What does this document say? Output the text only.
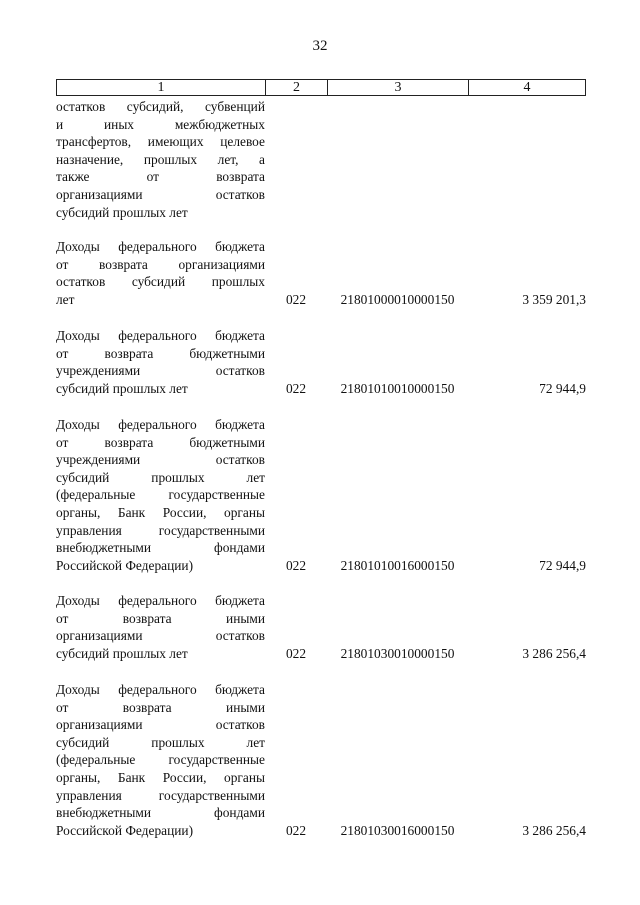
32
1	2	3	4
остатков субсидий, субвенций
и иных межбюджетных
трансфертов, имеющих целевое
назначение, прошлых лет, а
также от возврата
организациями остатков
субсидий прошлых лет
Доходы федерального бюджета
от возврата организациями
остатков субсидий прошлых
лет	022	21801000010000150	3 359 201,3
Доходы федерального бюджета
от возврата бюджетными
учреждениями остатков
субсидий прошлых лет	022	21801010010000150	72 944,9
Доходы федерального бюджета
от возврата бюджетными
учреждениями остатков
субсидий прошлых лет
(федеральные государственные
органы, Банк России, органы
управления государственными
внебюджетными фондами
Российской Федерации)	022	21801010016000150	72 944,9
Доходы федерального бюджета
от возврата иными
организациями остатков
субсидий прошлых лет	022	21801030010000150	3 286 256,4
Доходы федерального бюджета
от возврата иными
организациями остатков
субсидий прошлых лет
(федеральные государственные
органы, Банк России, органы
управления государственными
внебюджетными фондами
Российской Федерации)	022	21801030016000150	3 286 256,4
